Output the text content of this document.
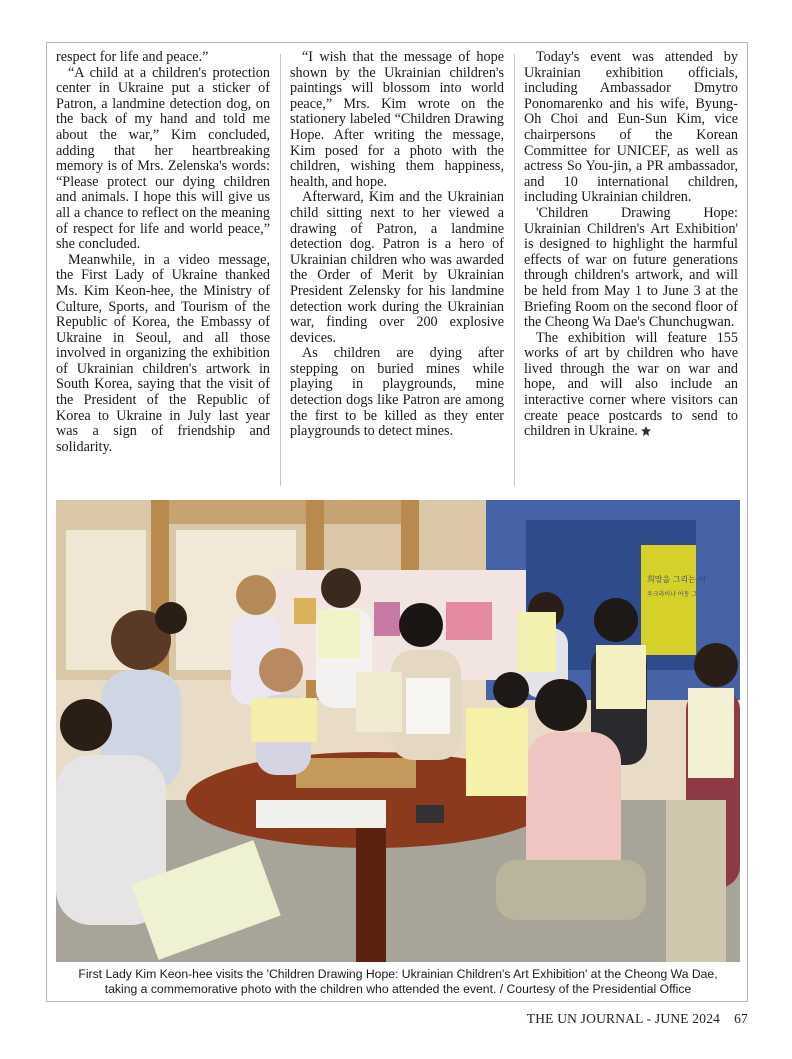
respect for life and peace.”

“A child at a children's protection center in Ukraine put a sticker of Patron, a landmine detection dog, on the back of my hand and told me about the war,” Kim concluded, adding that her heartbreaking memory is of Mrs. Zelenska's words: “Please protect our dying children and animals. I hope this will give us all a chance to reflect on the meaning of respect for life and world peace,” she concluded.

Meanwhile, in a video message, the First Lady of Ukraine thanked Ms. Kim Keon-hee, the Ministry of Culture, Sports, and Tourism of the Republic of Korea, the Embassy of Ukraine in Seoul, and all those involved in organizing the exhibition of Ukrainian children's artwork in South Korea, saying that the visit of the President of the Republic of Korea to Ukraine in July last year was a sign of friendship and solidarity.

“I wish that the message of hope shown by the Ukrainian children's paintings will blossom into world peace,” Mrs. Kim wrote on the stationery labeled “Children Drawing Hope. After writing the message, Kim posed for a photo with the children, wishing them happiness, health, and hope.

Afterward, Kim and the Ukrainian child sitting next to her viewed a drawing of Patron, a landmine detection dog. Patron is a hero of Ukrainian children who was awarded the Order of Merit by Ukrainian President Zelensky for his landmine detection work during the Ukrainian war, finding over 200 explosive devices.

As children are dying after stepping on buried mines while playing in playgrounds, mine detection dogs like Patron are among the first to be killed as they enter playgrounds to detect mines.

Today's event was attended by Ukrainian exhibition officials, including Ambassador Dmytro Ponomarenko and his wife, Byung-Oh Choi and Eun-Sun Kim, vice chairpersons of the Korean Committee for UNICEF, as well as actress So You-jin, a PR ambassador, and 10 international children, including Ukrainian children.

'Children Drawing Hope: Ukrainian Children's Art Exhibition' is designed to highlight the harmful effects of war on future generations through children's artwork, and will be held from May 1 to June 3 at the Briefing Room on the second floor of the Cheong Wa Dae's Chunchugwan.

The exhibition will feature 155 works of art by children who have lived through the war on war and hope, and will also include an interactive corner where visitors can create peace postcards to send to children in Ukraine.

희망을 그리는 아
우크라이나 아동 그
First Lady Kim Keon-hee visits the 'Children Drawing Hope: Ukrainian Children's Art Exhibition' at the Cheong Wa Dae,
taking a commemorative photo with the children who attended the event. / Courtesy of the Presidential Office
THE UN JOURNAL - JUNE 2024 67
